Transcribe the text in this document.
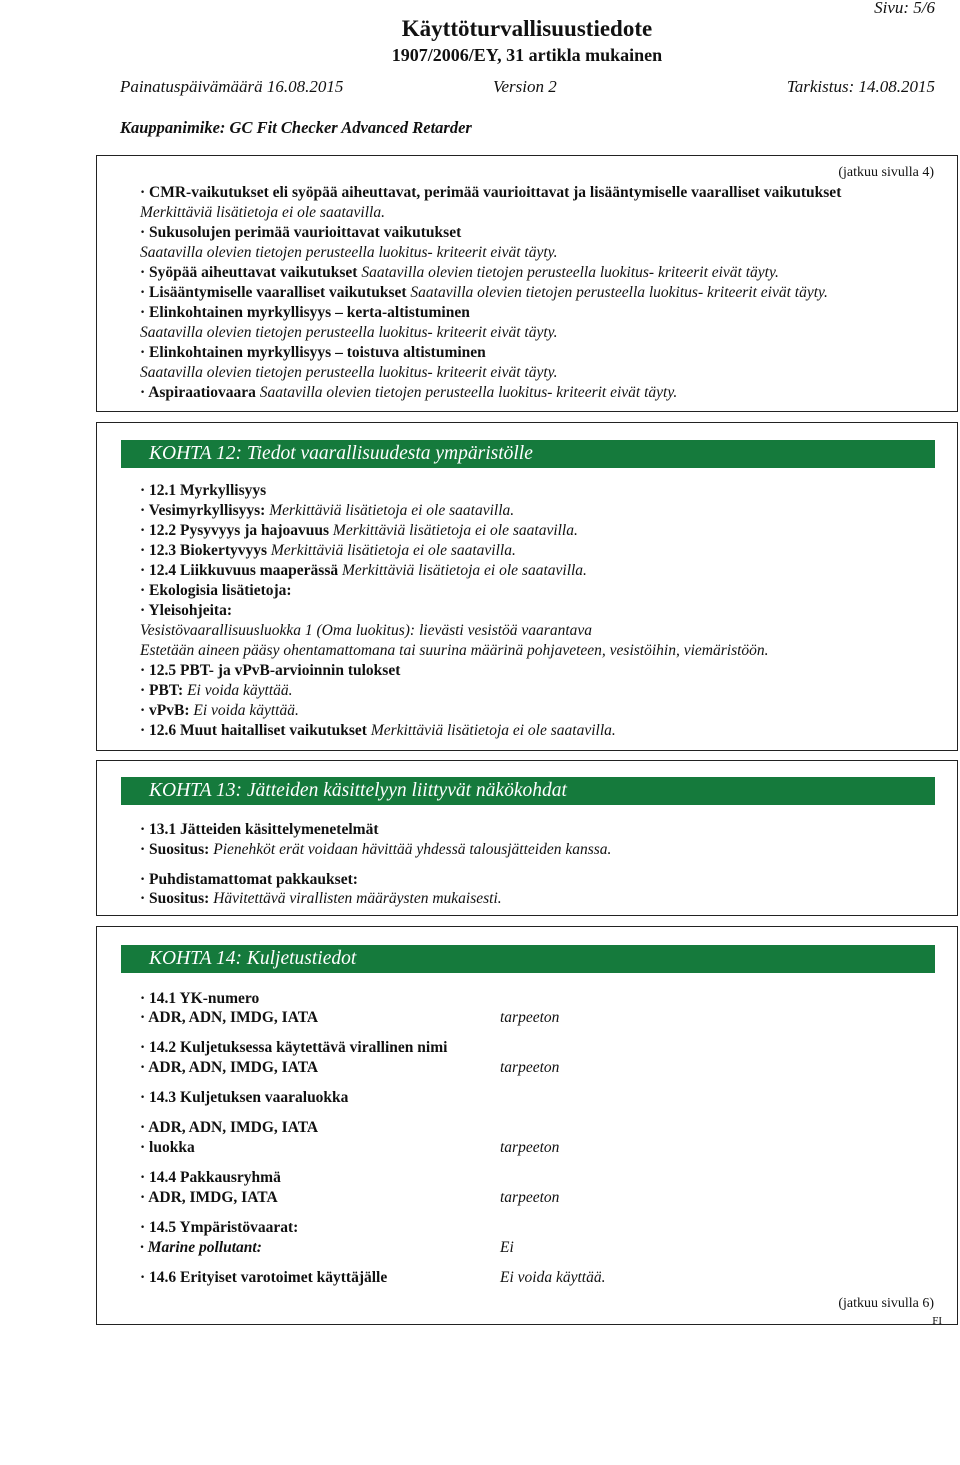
Sivu: 5/6
Käyttöturvallisuustiedote
1907/2006/EY, 31 artikla mukainen
Painatuspäivämäärä 16.08.2015	Version 2	Tarkistus: 14.08.2015
Kauppanimike: GC Fit Checker Advanced Retarder
(jatkuu sivulla 4)
· CMR-vaikutukset eli syöpää aiheuttavat, perimää vaurioittavat ja lisääntymiselle vaaralliset vaikutukset
Merkittäviä lisätietoja ei ole saatavilla.
· Sukusolujen perimää vaurioittavat vaikutukset
Saatavilla olevien tietojen perusteella luokitus- kriteerit eivät täyty.
· Syöpää aiheuttavat vaikutukset Saatavilla olevien tietojen perusteella luokitus- kriteerit eivät täyty.
· Lisääntymiselle vaaralliset vaikutukset Saatavilla olevien tietojen perusteella luokitus- kriteerit eivät täyty.
· Elinkohtainen myrkyllisyys – kerta-altistuminen
Saatavilla olevien tietojen perusteella luokitus- kriteerit eivät täyty.
· Elinkohtainen myrkyllisyys – toistuva altistuminen
Saatavilla olevien tietojen perusteella luokitus- kriteerit eivät täyty.
· Aspiraatiovaara Saatavilla olevien tietojen perusteella luokitus- kriteerit eivät täyty.
KOHTA 12: Tiedot vaarallisuudesta ympäristölle
· 12.1 Myrkyllisyys
· Vesimyrkyllisyys: Merkittäviä lisätietoja ei ole saatavilla.
· 12.2 Pysyvyys ja hajoavuus Merkittäviä lisätietoja ei ole saatavilla.
· 12.3 Biokertyvyys Merkittäviä lisätietoja ei ole saatavilla.
· 12.4 Liikkuvuus maaperässä Merkittäviä lisätietoja ei ole saatavilla.
· Ekologisia lisätietoja:
· Yleisohjeita:
Vesistövaarallisuusluokka 1 (Oma luokitus): lievästi vesistöä vaarantava
Estetään aineen pääsy ohentamattomana tai suurina määrinä pohjaveteen, vesistöihin, viemäristöön.
· 12.5 PBT- ja vPvB-arvioinnin tulokset
· PBT: Ei voida käyttää.
· vPvB: Ei voida käyttää.
· 12.6 Muut haitalliset vaikutukset Merkittäviä lisätietoja ei ole saatavilla.
KOHTA 13: Jätteiden käsittelyyn liittyvät näkökohdat
· 13.1 Jätteiden käsittelymenetelmät
· Suositus: Pienehköt erät voidaan hävittää yhdessä talousjätteiden kanssa.
· Puhdistamattomat pakkaukset:
· Suositus: Hävitettävä virallisten määräysten mukaisesti.
KOHTA 14: Kuljetustiedot
· 14.1 YK-numero
· ADR, ADN, IMDG, IATA	tarpeeton
· 14.2 Kuljetuksessa käytettävä virallinen nimi
· ADR, ADN, IMDG, IATA	tarpeeton
· 14.3 Kuljetuksen vaaraluokka
· ADR, ADN, IMDG, IATA
· luokka	tarpeeton
· 14.4 Pakkausryhmä
· ADR, IMDG, IATA	tarpeeton
· 14.5 Ympäristövaarat:
· Marine pollutant:	Ei
· 14.6 Erityiset varotoimet käyttäjälle	Ei voida käyttää.
(jatkuu sivulla 6)
FI
